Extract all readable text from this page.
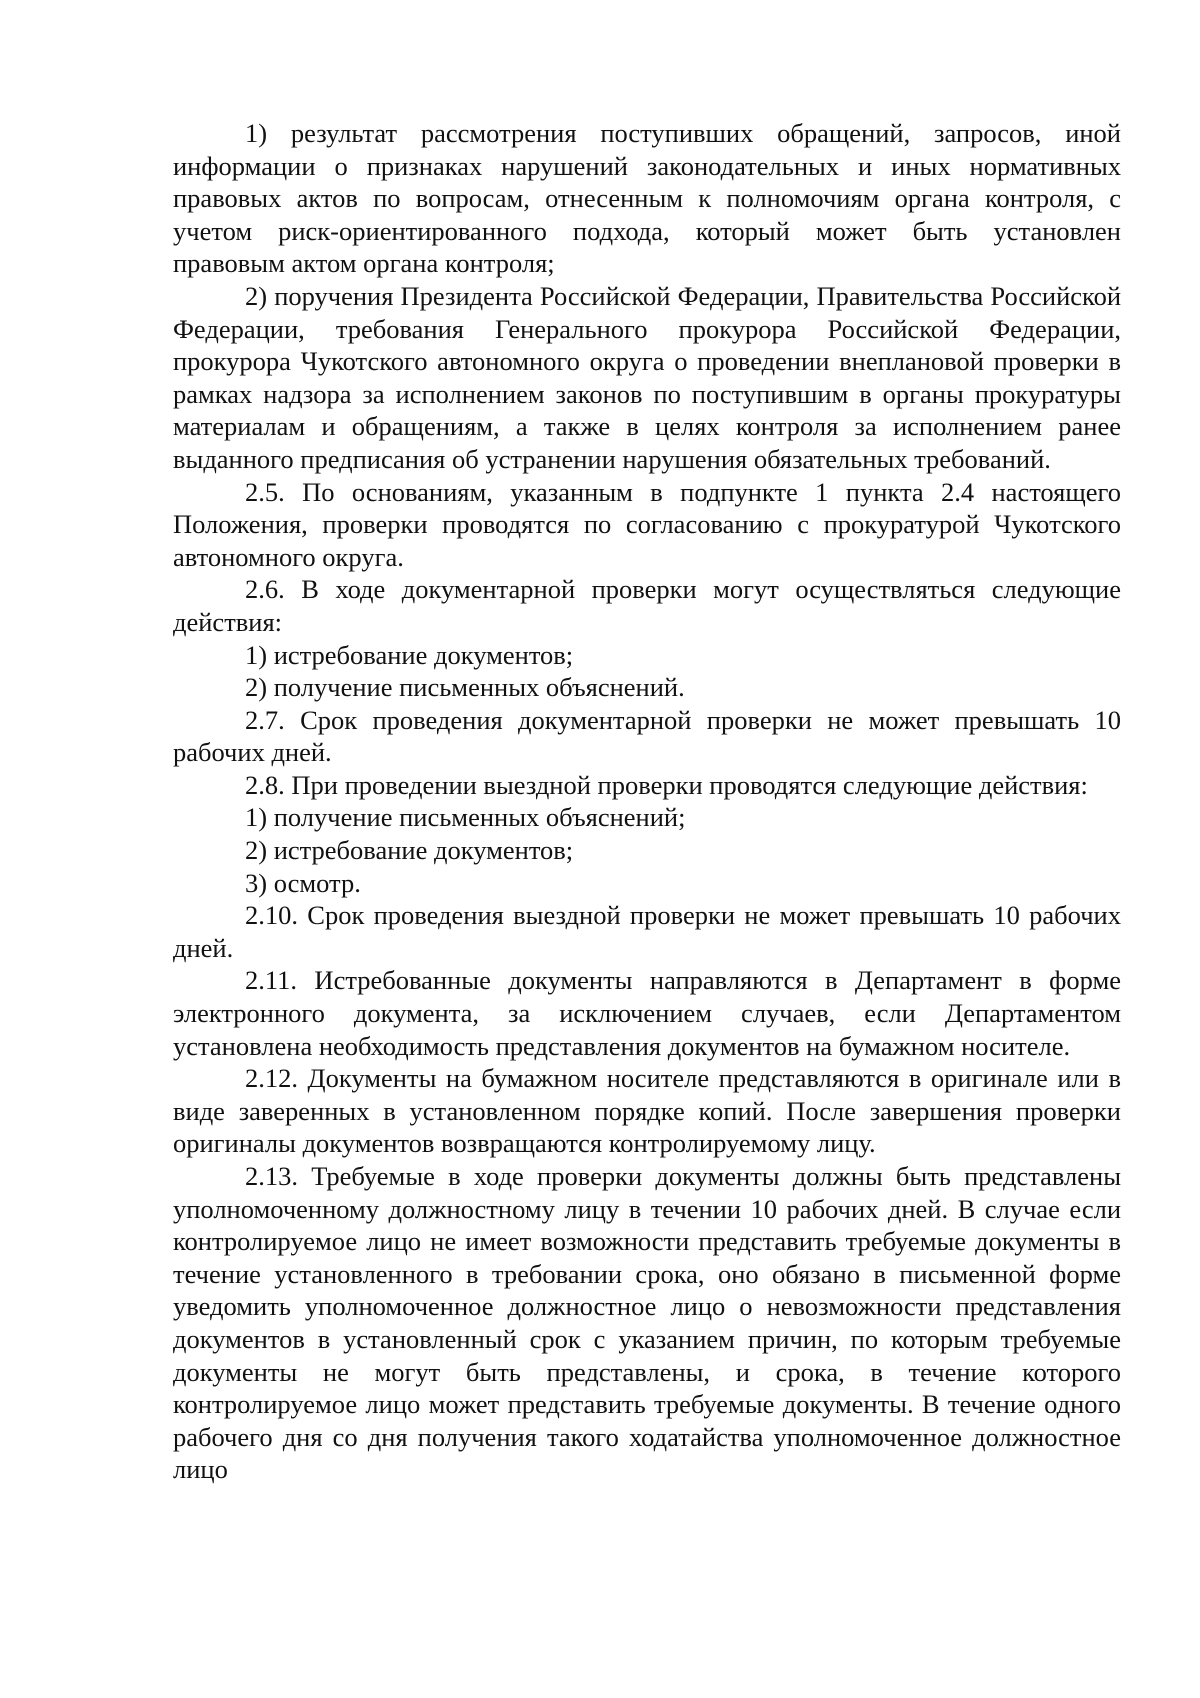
1) результат рассмотрения поступивших обращений, запросов, иной информации о признаках нарушений законодательных и иных нормативных правовых актов по вопросам, отнесенным к полномочиям органа контроля, с учетом риск-ориентированного подхода, который может быть установлен правовым актом органа контроля;

2) поручения Президента Российской Федерации, Правительства Российской Федерации, требования Генерального прокурора Российской Федерации, прокурора Чукотского автономного округа о проведении внеплановой проверки в рамках надзора за исполнением законов по поступившим в органы прокуратуры материалам и обращениям, а также в целях контроля за исполнением ранее выданного предписания об устранении нарушения обязательных требований.

2.5. По основаниям, указанным в подпункте 1 пункта 2.4 настоящего Положения, проверки проводятся по согласованию с прокуратурой Чукотского автономного округа.

2.6. В ходе документарной проверки могут осуществляться следующие действия:

1) истребование документов;

2) получение письменных объяснений.

2.7. Срок проведения документарной проверки не может превышать 10 рабочих дней.

2.8. При проведении выездной проверки проводятся следующие действия:

1) получение письменных объяснений;

2) истребование документов;

3) осмотр.

2.10. Срок проведения выездной проверки не может превышать 10 рабочих дней.

2.11. Истребованные документы направляются в Департамент в форме электронного документа, за исключением случаев, если Департаментом установлена необходимость представления документов на бумажном носителе.

2.12. Документы на бумажном носителе представляются в оригинале или в виде заверенных в установленном порядке копий. После завершения проверки оригиналы документов возвращаются контролируемому лицу.

2.13. Требуемые в ходе проверки документы должны быть представлены уполномоченному должностному лицу в течении 10 рабочих дней. В случае если контролируемое лицо не имеет возможности представить требуемые документы в течение установленного в требовании срока, оно обязано в письменной форме уведомить уполномоченное должностное лицо о невозможности представления документов в установленный срок с указанием причин, по которым требуемые документы не могут быть представлены, и срока, в течение которого контролируемое лицо может представить требуемые документы. В течение одного рабочего дня со дня получения такого ходатайства уполномоченное должностное лицо
